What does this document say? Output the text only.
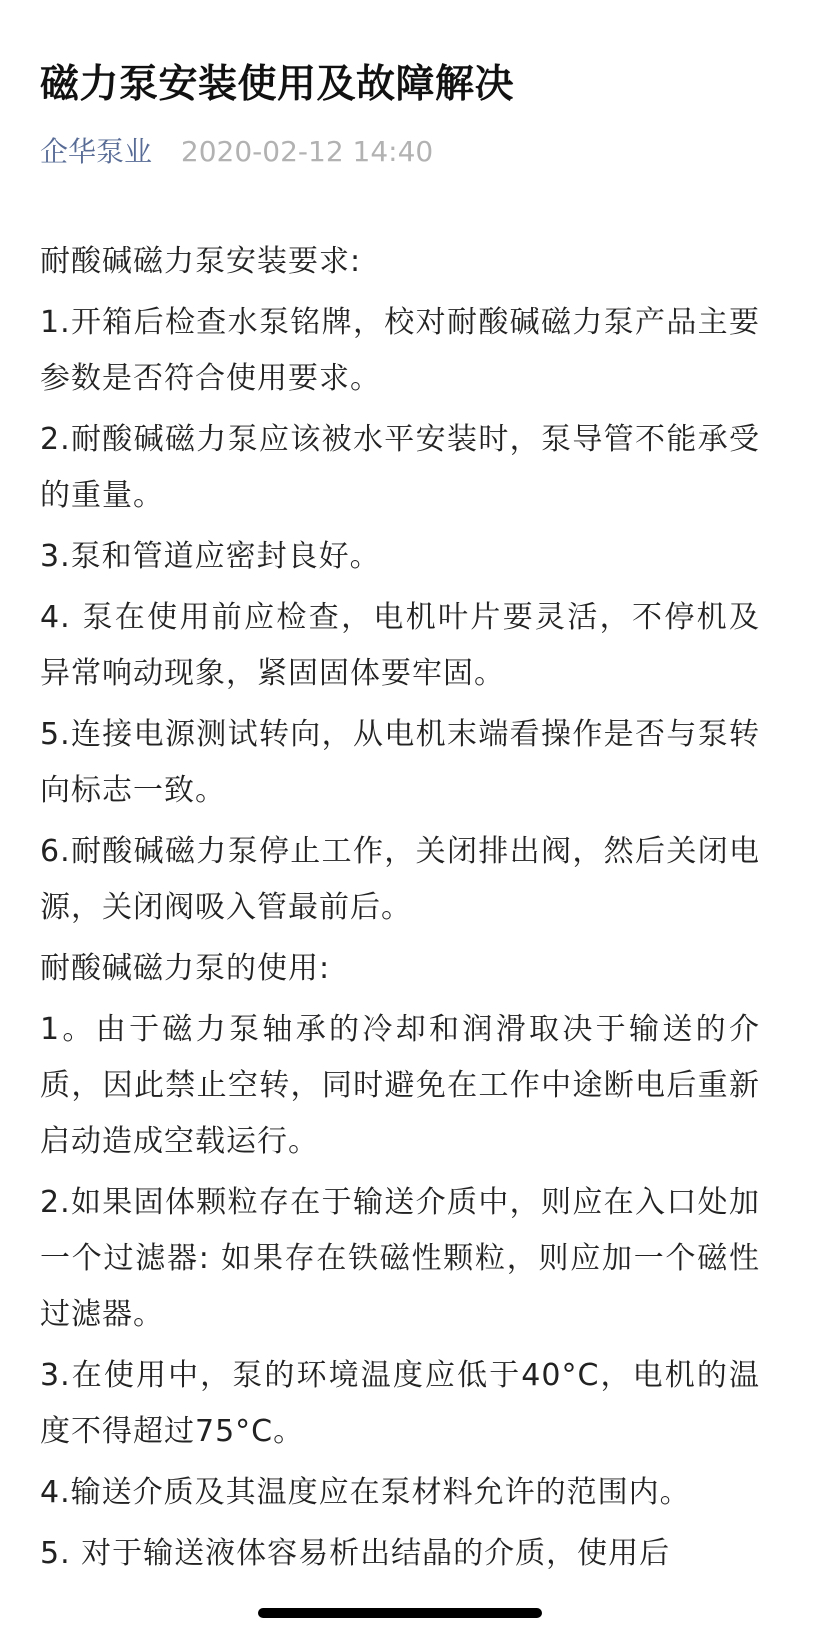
磁力泵安装使用及故障解决
企华泵业 2020-02-12 14:40

耐酸碱磁力泵安装要求:

1.开箱后检查水泵铭牌，校对耐酸碱磁力泵产品主要参数是否符合使用要求。

2.耐酸碱磁力泵应该被水平安装时，泵导管不能承受的重量。

3.泵和管道应密封良好。

4. 泵在使用前应检查，电机叶片要灵活，不停机及异常响动现象，紧固固体要牢固。

5.连接电源测试转向，从电机末端看操作是否与泵转向标志一致。

6.耐酸碱磁力泵停止工作，关闭排出阀，然后关闭电源，关闭阀吸入管最前后。

耐酸碱磁力泵的使用:

1。由于磁力泵轴承的冷却和润滑取决于输送的介质，因此禁止空转，同时避免在工作中途断电后重新启动造成空载运行。

2.如果固体颗粒存在于输送介质中，则应在入口处加一个过滤器: 如果存在铁磁性颗粒，则应加一个磁性过滤器。

3.在使用中，泵的环境温度应低于40°C，电机的温度不得超过75°C。

4.输送介质及其温度应在泵材料允许的范围内。

5. 对于输送液体容易析出结晶的介质，使用后
